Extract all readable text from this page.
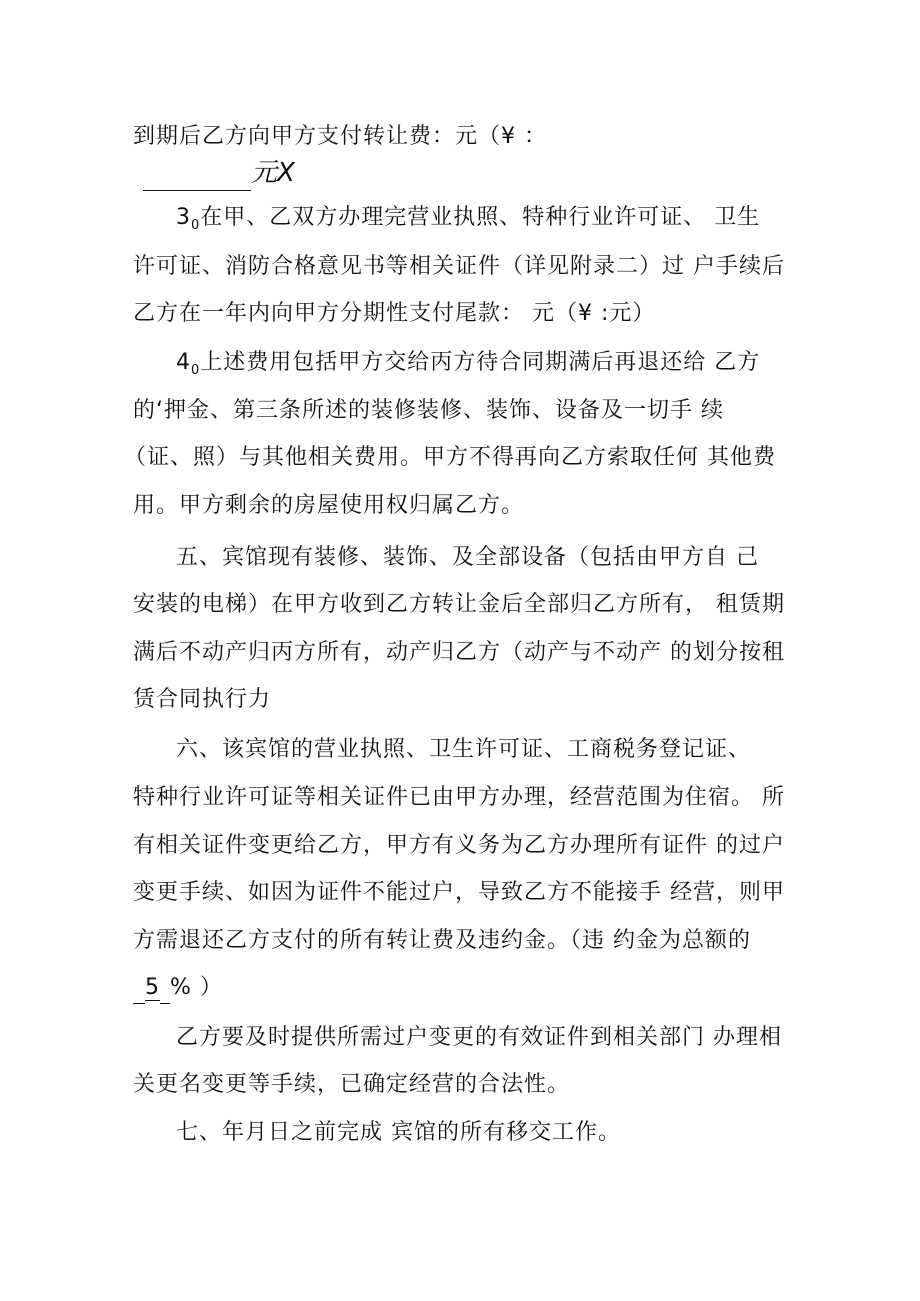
到期后乙方向甲方支付转让费：元（¥ ：
元X
$3_0$在甲、乙双方办理完营业执照、特种行业许可证、 卫生
许可证、消防合格意见书等相关证件（详见附录二）过 户手续后
乙方在一年内向甲方分期性支付尾款： 元（¥ :元）
$4_0$上述费用包括甲方交给丙方待合同期满后再退还给 乙方
的‘押金、第三条所述的装修装修、装饰、设备及一切手 续
（证、照）与其他相关费用。甲方不得再向乙方索取任何 其他费
用。甲方剩余的房屋使用权归属乙方。
五、宾馆现有装修、装饰、及全部设备（包括由甲方自 己
安装的电梯）在甲方收到乙方转让金后全部归乙方所有， 租赁期
满后不动产归丙方所有，动产归乙方（动产与不动产 的划分按租
赁合同执行力
六、该宾馆的营业执照、卫生许可证、工商税务登记证、
特种行业许可证等相关证件已由甲方办理，经营范围为住宿。 所
有相关证件变更给乙方，甲方有义务为乙方办理所有证件 的过户
变更手续、如因为证件不能过户，导致乙方不能接手 经营，则甲
方需退还乙方支付的所有转让费及违约金。（违 约金为总额的
5 % ）
乙方要及时提供所需过户变更的有效证件到相关部门 办理相
关更名变更等手续，已确定经营的合法性。
七、年月日之前完成 宾馆的所有移交工作。
